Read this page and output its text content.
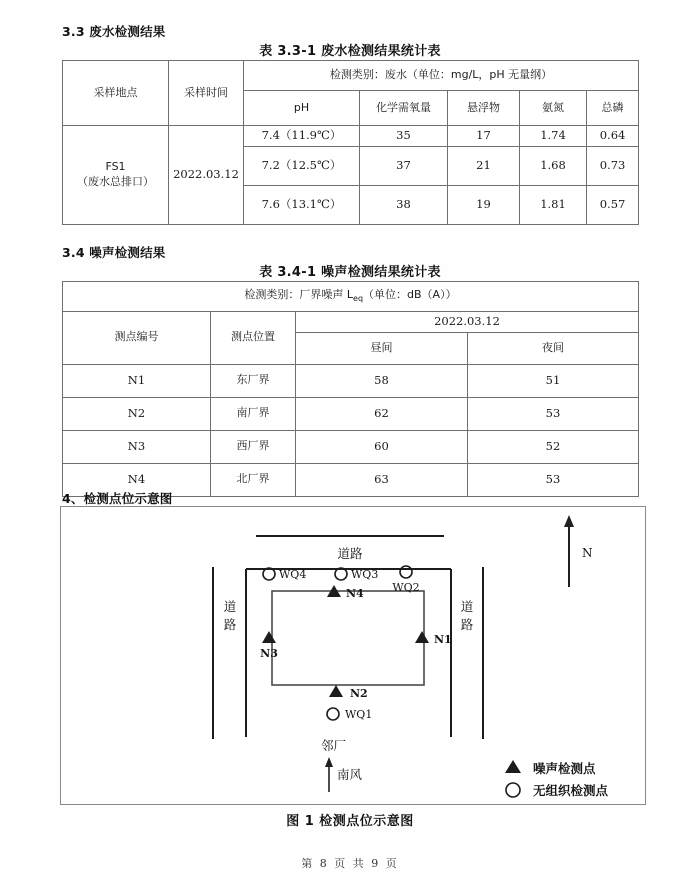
3.3 废水检测结果
表 3.3-1 废水检测结果统计表
采样地点	采样时间	检测类别：废水（单位：mg/L，pH 无量纲）				
		pH	化学需氧量	悬浮物	氨氮	总磷

FS1
（废水总排口）	2022.03.12	7.4（11.9℃）	35	17	1.74	0.64
		7.2（12.5℃）	37	21	1.68	0.73
		7.6（13.1℃）	38	19	1.81	0.57
3.4 噪声检测结果
表 3.4-1 噪声检测结果统计表
检测类别：厂界噪声 $L_{eq}$（单位：dB（A））			
测点编号	测点位置	2022.03.12	
		昼间	夜间
N1	东厂界	58	51
N2	南厂界	62	53
N3	西厂界	60	52
N4	北厂界	63	53
4、检测点位示意图
N
道路
道
路
道
路
WQ4	WQ3
WQ2
N4
N1
N3
N2
WQ1
邻厂
南风	噪声检测点
无组织检测点
图 1 检测点位示意图
第 8 页 共 9 页
